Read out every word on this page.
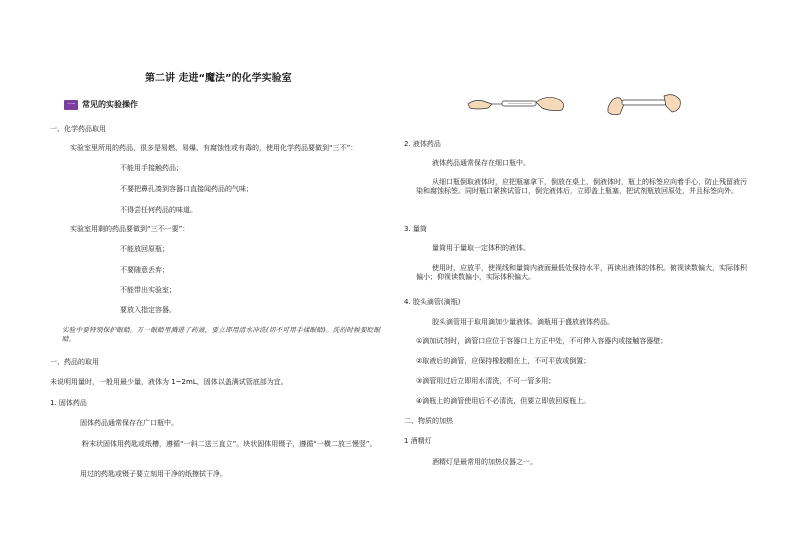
第二讲 走进“魔法”的化学实验室
一 常见的实验操作
一、化学药品取用
实验室里所用的药品，很多是易燃、易爆、有腐蚀性或有毒的，使用化学药品要做到“三不”：
不能用手接触药品；
不要把鼻孔凑到容器口直接闻药品的气味；
不得尝任何药品的味道。
实验室用剩的药品要做到“三不一要”：
不能放回原瓶；
不要随意丢弃；
不能带出实验室；
要放入指定容器。
实验中要特别保护眼睛。万一眼睛里溅进了药液，要立即用清水冲洗(切不可用手揉眼睛)。洗的时候要眨眼睛。
一、药品的取用
未说明用量时，一般用最少量，液体为 1~2mL，固体以盖满试管底部为宜。
1. 固体药品
固体药品通常保存在广口瓶中。
粉末状固体用药匙或纸槽，遵循“一斜二送三直立”。块状固体用镊子，遵循“一横二放三慢竖”。
用过的药匙或镊子要立刻用干净的纸擦拭干净。
2. 液体药品
液体药品通常保存在细口瓶中。
从细口瓶倒取液体时，应把瓶塞拿下，倒放在桌上，倒液体时，瓶上的标签应向着手心，防止残留液污染和腐蚀标签。同时瓶口紧挨试管口，倒完液体后，立即盖上瓶塞，把试剂瓶放回原处，并且标签向外。
3. 量筒
量筒用于量取一定体积的液体。
使用时，应放平，使视线和量筒内液面最低处保持水平，再读出液体的体积。俯视读数偏大，实际体积偏小；仰视读数偏小，实际体积偏大。
4. 胶头滴管(滴瓶)
胶头滴管用于取用滴加少量液体。滴瓶用于盛放液体药品。
①滴加试剂时，滴管口应位于容器口上方正中处，不可伸入容器内或接触容器壁；
②取液后的滴管，应保持橡胶帽在上，不可平放或倒置；
③滴管用过后立即用水清洗，不可一管多用；
④滴瓶上的滴管使用后不必清洗，但要立即放回原瓶上。
二、物质的加热
1 酒精灯
酒精灯是最常用的加热仪器之一。
